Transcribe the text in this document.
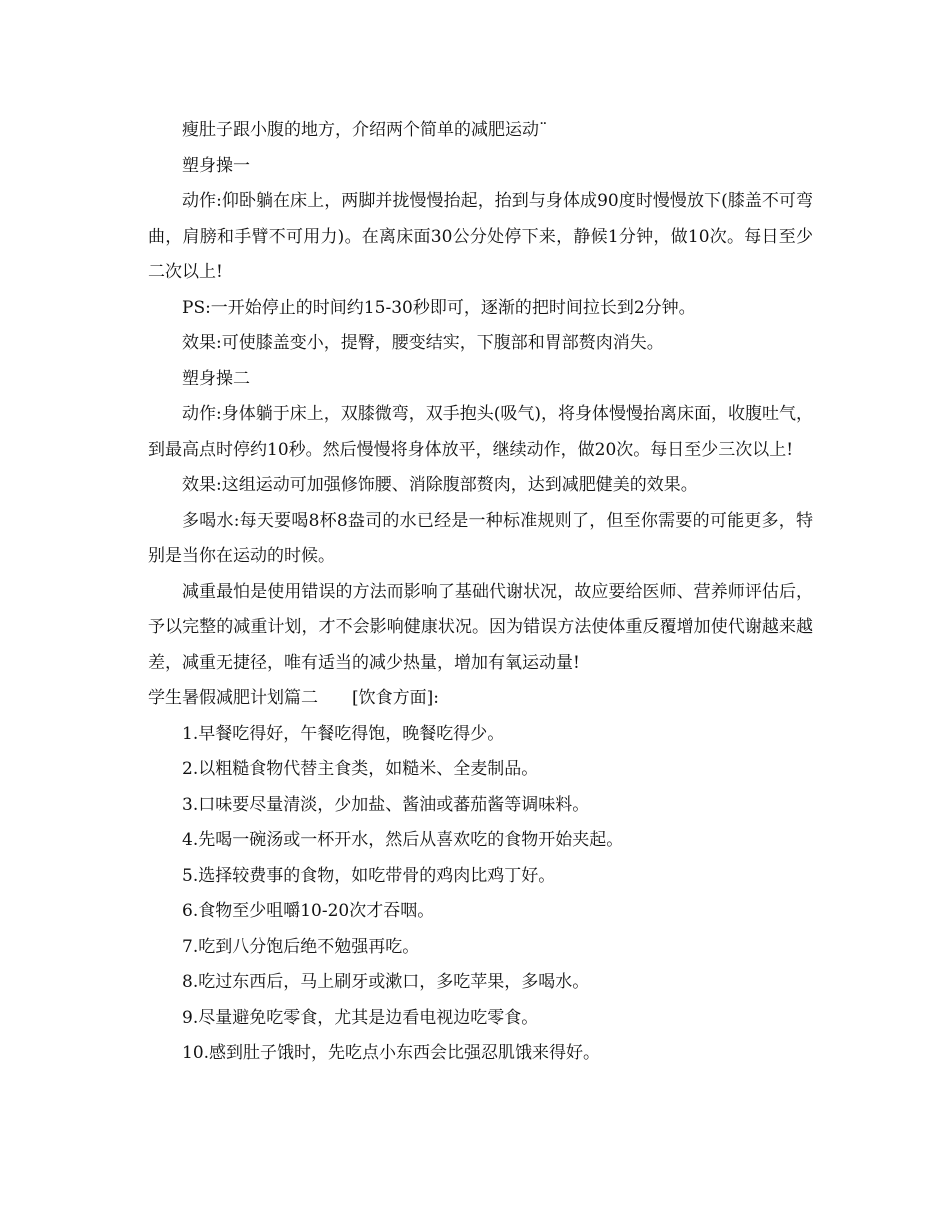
瘦肚子跟小腹的地方，介绍两个简单的减肥运动¨

塑身操一

动作:仰卧躺在床上，两脚并拢慢慢抬起，抬到与身体成90度时慢慢放下(膝盖不可弯曲，肩膀和手臂不可用力)。在离床面30公分处停下来，静候1分钟，做10次。每日至少二次以上!

PS:一开始停止的时间约15-30秒即可，逐渐的把时间拉长到2分钟。

效果:可使膝盖变小，提臀，腰变结实，下腹部和胃部赘肉消失。

塑身操二

动作:身体躺于床上，双膝微弯，双手抱头(吸气)，将身体慢慢抬离床面，收腹吐气，到最高点时停约10秒。然后慢慢将身体放平，继续动作，做20次。每日至少三次以上!

效果:这组运动可加强修饰腰、消除腹部赘肉，达到减肥健美的效果。

多喝水:每天要喝8杯8盎司的水已经是一种标准规则了，但至你需要的可能更多，特别是当你在运动的时候。

减重最怕是使用错误的方法而影响了基础代谢状况，故应要给医师、营养师评估后，予以完整的减重计划，才不会影响健康状况。因为错误方法使体重反覆增加使代谢越来越差，减重无捷径，唯有适当的减少热量，增加有氧运动量!

学生暑假减肥计划篇二　　[饮食方面]:

1.早餐吃得好，午餐吃得饱，晚餐吃得少。

2.以粗糙食物代替主食类，如糙米、全麦制品。

3.口味要尽量清淡，少加盐、酱油或蕃茄酱等调味料。

4.先喝一碗汤或一杯开水，然后从喜欢吃的食物开始夹起。

5.选择较费事的食物，如吃带骨的鸡肉比鸡丁好。

6.食物至少咀嚼10-20次才吞咽。

7.吃到八分饱后绝不勉强再吃。

8.吃过东西后，马上刷牙或漱口，多吃苹果，多喝水。

9.尽量避免吃零食，尤其是边看电视边吃零食。

10.感到肚子饿时，先吃点小东西会比强忍肌饿来得好。
